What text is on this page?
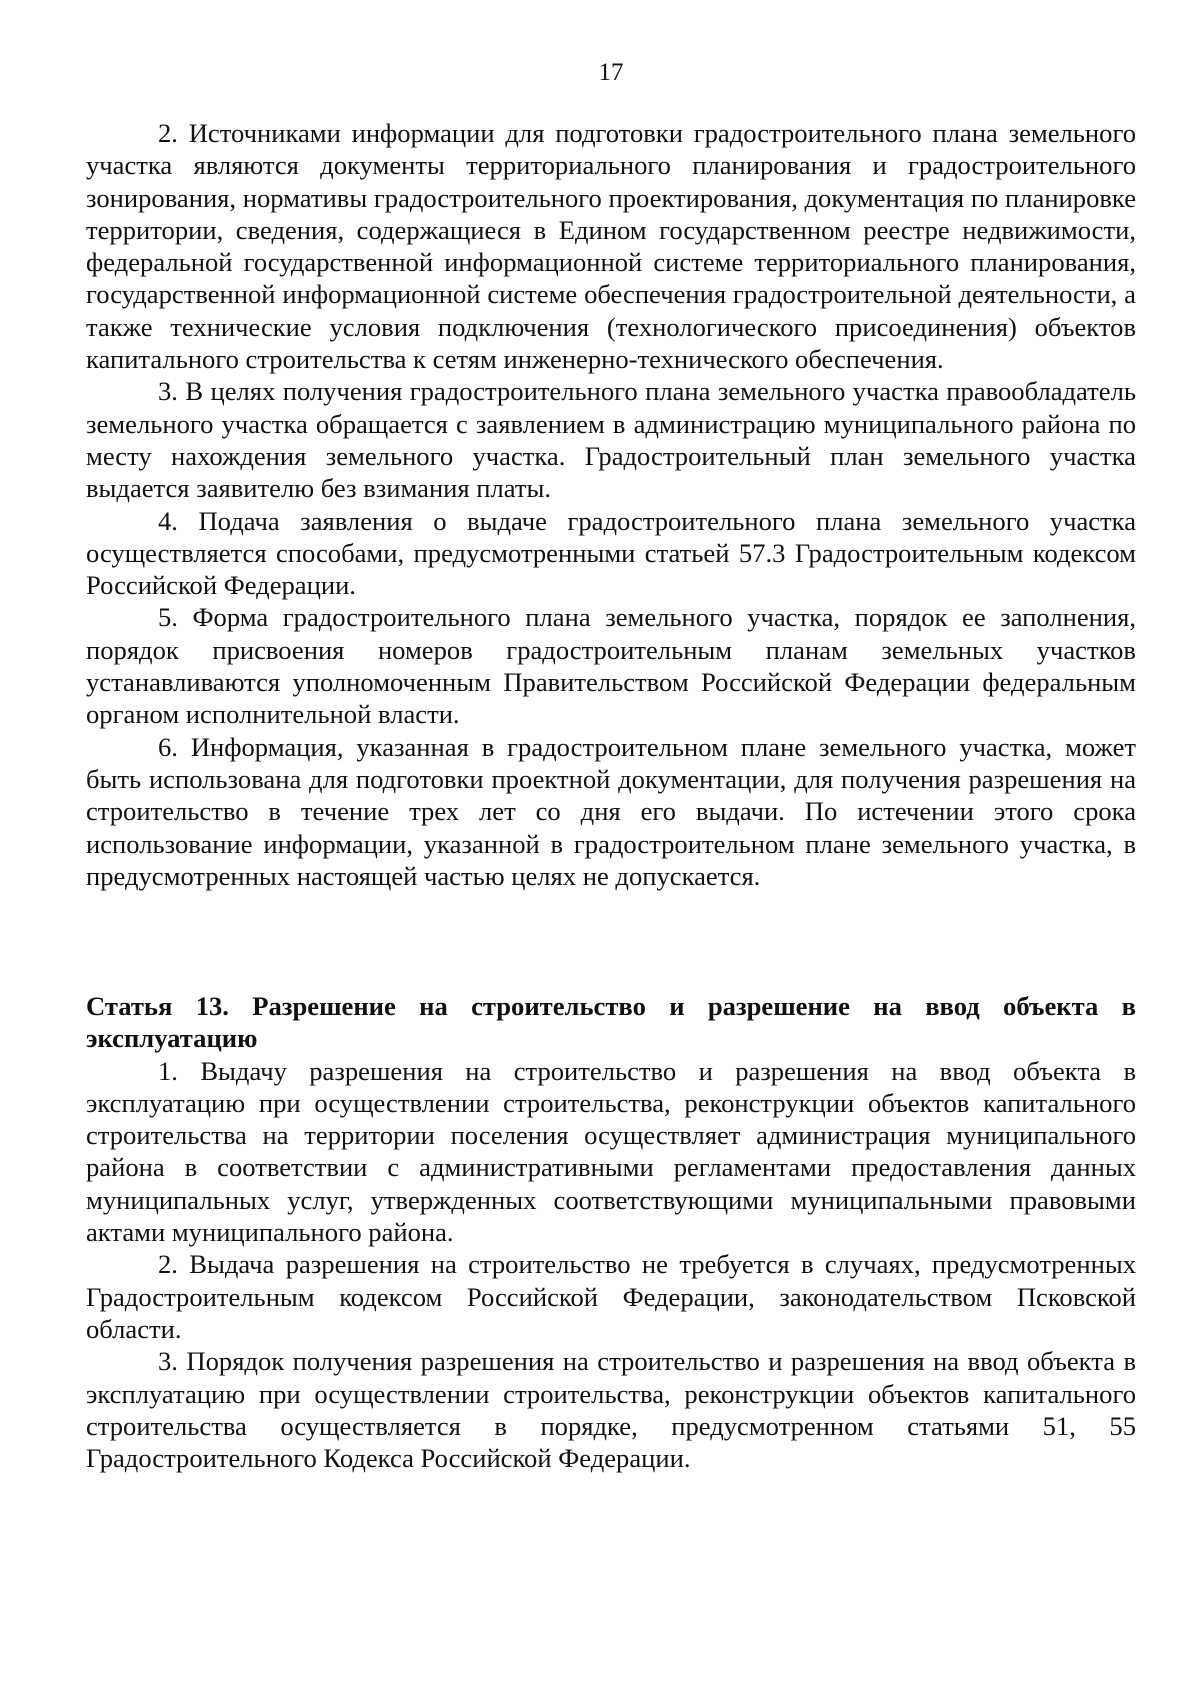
17

2. Источниками информации для подготовки градостроительного плана земельного участка являются документы территориального планирования и градостроительного зонирования, нормативы градостроительного проектирования, документация по планировке территории, сведения, содержащиеся в Едином государственном реестре недвижимости, федеральной государственной информационной системе территориального планирования, государственной информационной системе обеспечения градостроительной деятельности, а также технические условия подключения (технологического присоединения) объектов капитального строительства к сетям инженерно-технического обеспечения.

3. В целях получения градостроительного плана земельного участка правообладатель земельного участка обращается с заявлением в администрацию муниципального района по месту нахождения земельного участка. Градостроительный план земельного участка выдается заявителю без взимания платы.

4. Подача заявления о выдаче градостроительного плана земельного участка осуществляется способами, предусмотренными статьей 57.3 Градостроительным кодексом Российской Федерации.

5. Форма градостроительного плана земельного участка, порядок ее заполнения, порядок присвоения номеров градостроительным планам земельных участков устанавливаются уполномоченным Правительством Российской Федерации федеральным органом исполнительной власти.

6. Информация, указанная в градостроительном плане земельного участка, может быть использована для подготовки проектной документации, для получения разрешения на строительство в течение трех лет со дня его выдачи. По истечении этого срока использование информации, указанной в градостроительном плане земельного участка, в предусмотренных настоящей частью целях не допускается.

Статья 13. Разрешение на строительство и разрешение на ввод объекта в эксплуатацию

1. Выдачу разрешения на строительство и разрешения на ввод объекта в эксплуатацию при осуществлении строительства, реконструкции объектов капитального строительства на территории поселения осуществляет администрация муниципального района в соответствии с административными регламентами предоставления данных муниципальных услуг, утвержденных соответствующими муниципальными правовыми актами муниципального района.

2. Выдача разрешения на строительство не требуется в случаях, предусмотренных Градостроительным кодексом Российской Федерации, законодательством Псковской области.

3. Порядок получения разрешения на строительство и разрешения на ввод объекта в эксплуатацию при осуществлении строительства, реконструкции объектов капитального строительства осуществляется в порядке, предусмотренном статьями 51, 55 Градостроительного Кодекса Российской Федерации.
